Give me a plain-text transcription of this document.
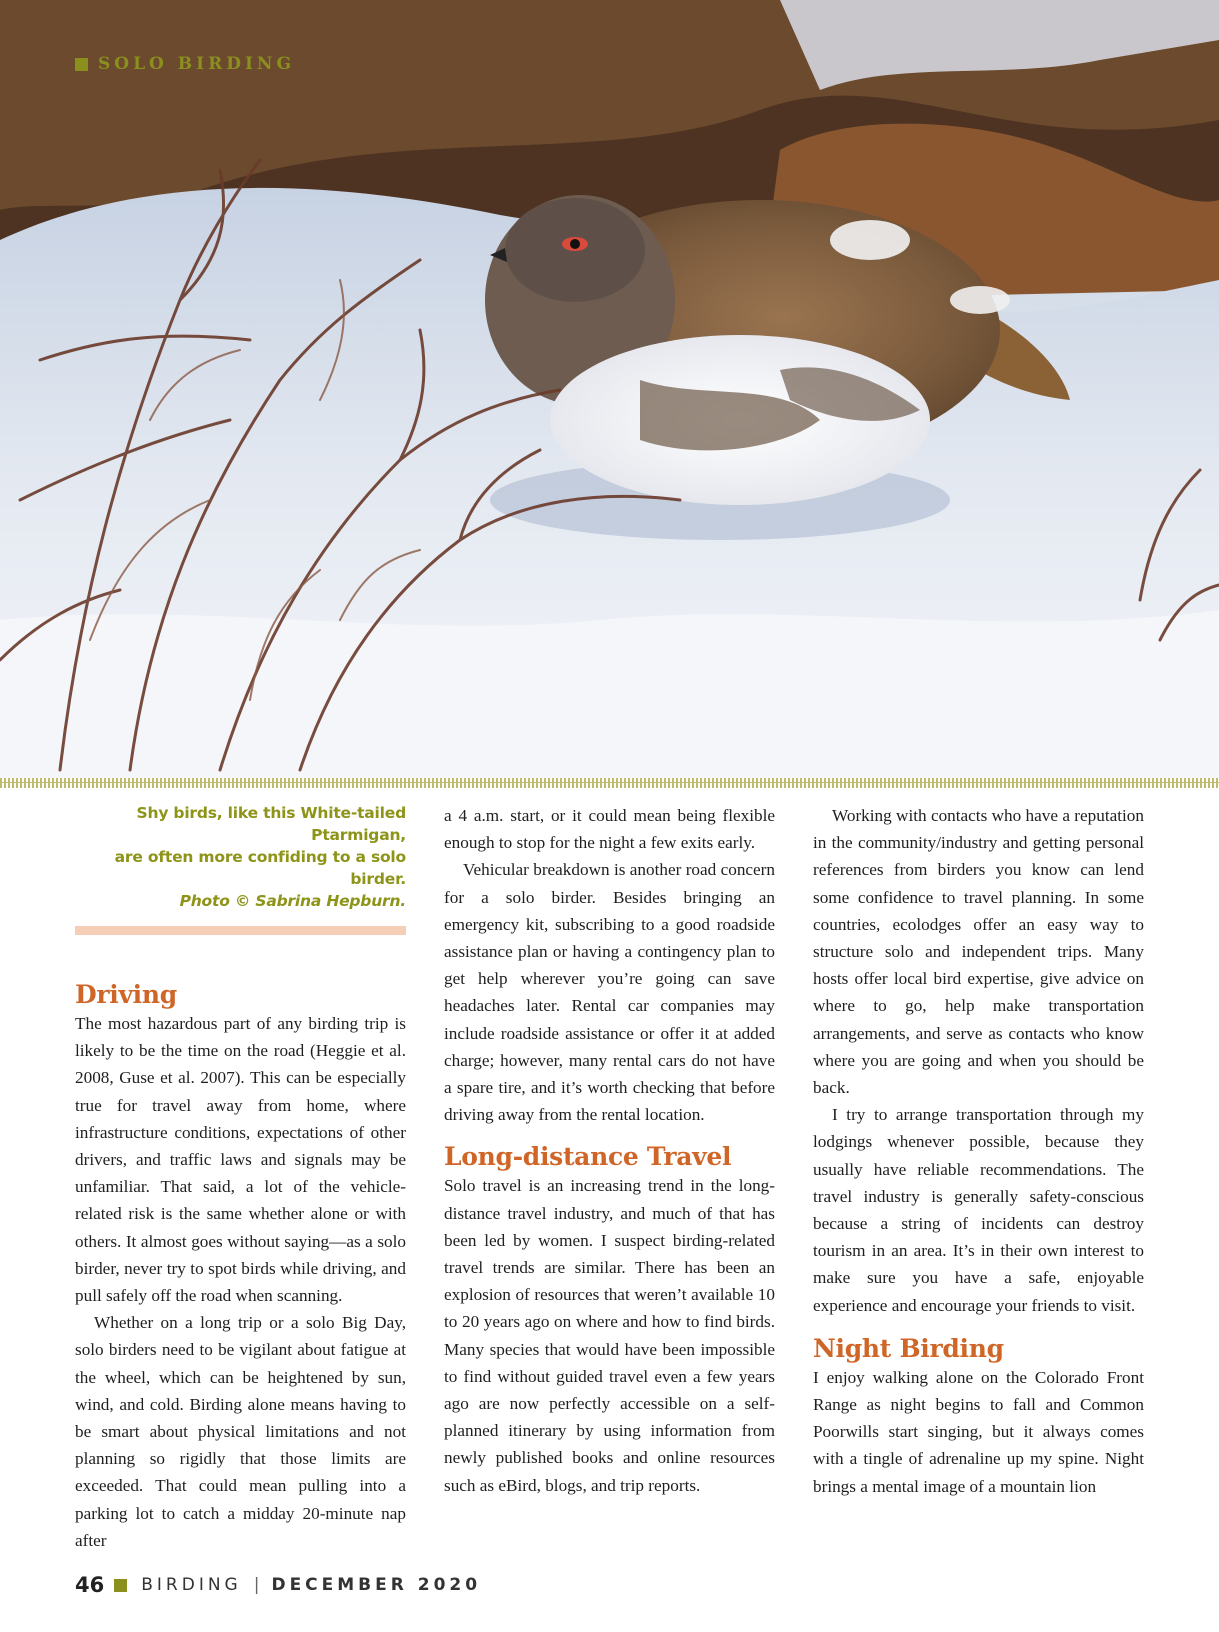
SOLO BIRDING
Shy birds, like this White-tailed Ptarmigan,
are often more confiding to a solo birder.
Photo © Sabrina Hepburn.
Driving

The most hazardous part of any birding trip is likely to be the time on the road (Heggie et al. 2008, Guse et al. 2007). This can be especially true for travel away from home, where infrastructure conditions, expectations of other drivers, and traffic laws and signals may be unfamiliar. That said, a lot of the vehicle-related risk is the same whether alone or with others. It almost goes without saying—as a solo birder, never try to spot birds while driving, and pull safely off the road when scanning.

Whether on a long trip or a solo Big Day, solo birders need to be vigilant about fatigue at the wheel, which can be heightened by sun, wind, and cold. Birding alone means having to be smart about physical limitations and not planning so rigidly that those limits are exceeded. That could mean pulling into a parking lot to catch a midday 20-minute nap after

a 4 a.m. start, or it could mean being flexible enough to stop for the night a few exits early.

Vehicular breakdown is another road concern for a solo birder. Besides bringing an emergency kit, subscribing to a good roadside assistance plan or having a contingency plan to get help wherever you’re going can save headaches later. Rental car companies may include roadside assistance or offer it at added charge; however, many rental cars do not have a spare tire, and it’s worth checking that before driving away from the rental location.

Long-distance Travel

Solo travel is an increasing trend in the long-distance travel industry, and much of that has been led by women. I suspect birding-related travel trends are similar. There has been an explosion of resources that weren’t available 10 to 20 years ago on where and how to find birds. Many species that would have been impossible to find without guided travel even a few years ago are now perfectly accessible on a self-planned itinerary by using information from newly published books and online resources such as eBird, blogs, and trip reports.

Working with contacts who have a reputation in the community/industry and getting personal references from birders you know can lend some confidence to travel planning. In some countries, ecolodges offer an easy way to structure solo and independent trips. Many hosts offer local bird expertise, give advice on where to go, help make transportation arrangements, and serve as contacts who know where you are going and when you should be back.

I try to arrange transportation through my lodgings whenever possible, because they usually have reliable recommendations. The travel industry is generally safety-conscious because a string of incidents can destroy tourism in an area. It’s in their own interest to make sure you have a safe, enjoyable experience and encourage your friends to visit.

Night Birding

I enjoy walking alone on the Colorado Front Range as night begins to fall and Common Poorwills start singing, but it always comes with a tingle of adrenaline up my spine. Night brings a mental image of a mountain lion

46 BIRDING | DECEMBER 2020
